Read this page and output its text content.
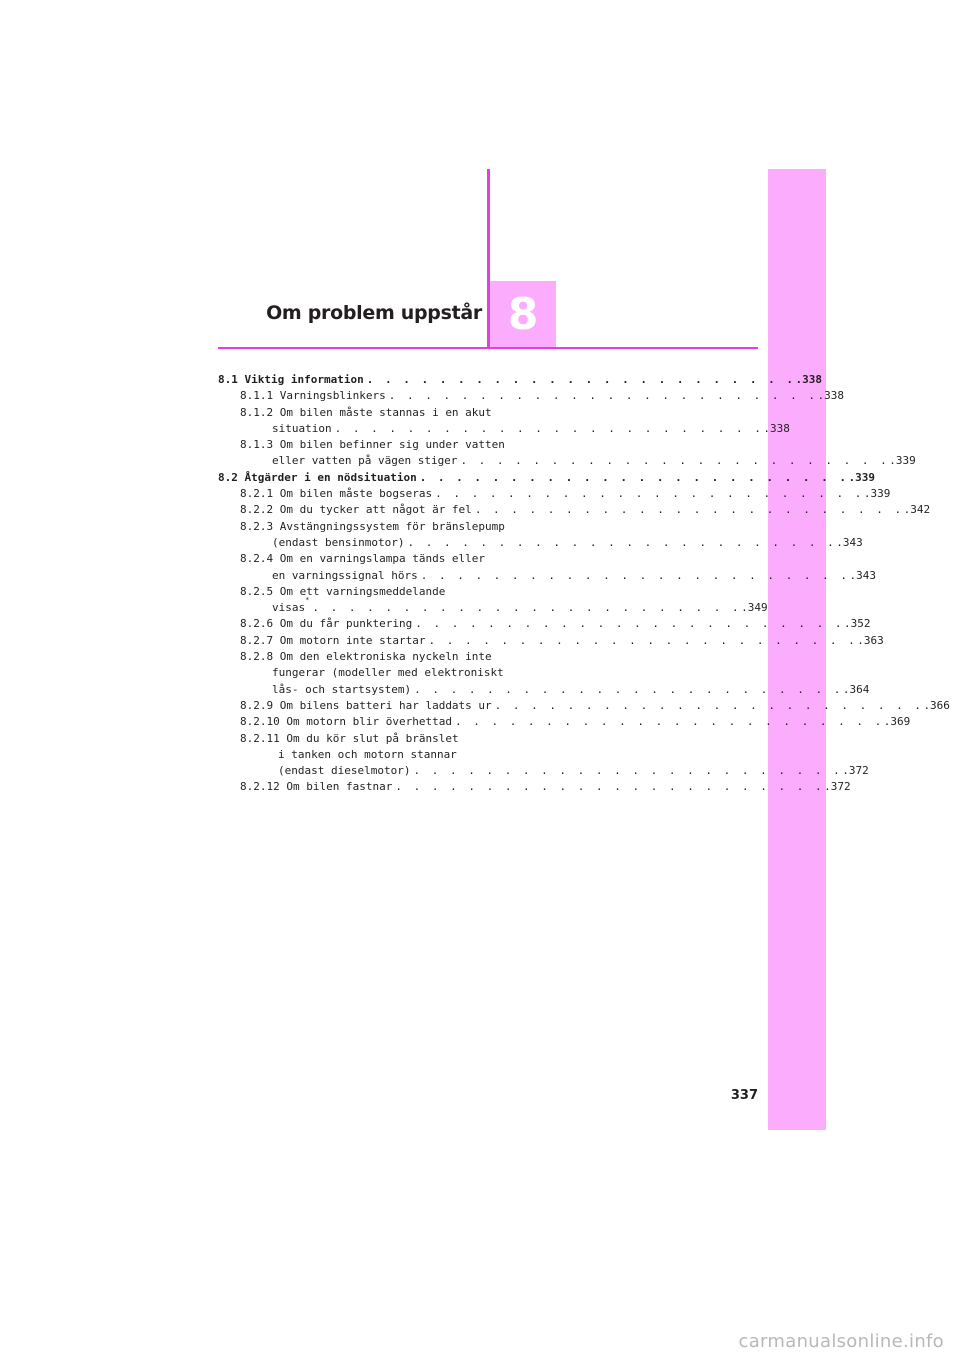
8
Om problem uppstår
8.1
Viktig information . . . . . . . . . . . . . . . . . . . . . . . . .338
8.1.1
Varningsblinkers . . . . . . . . . . . . . . . . . . . . . . . . .338
8.1.2
Om bilen måste stannas i en akut
situation . . . . . . . . . . . . . . . . . . . . . . . . .338
8.1.3
Om bilen befinner sig under vatten
eller vatten på vägen stiger . . . . . . . . . . . . . . . . . . . . . . . . .339
8.2
Åtgärder i en nödsituation . . . . . . . . . . . . . . . . . . . . . . . . .339
8.2.1
Om bilen måste bogseras . . . . . . . . . . . . . . . . . . . . . . . . .339
8.2.2
Om du tycker att något är fel . . . . . . . . . . . . . . . . . . . . . . . . .342
8.2.3
Avstängningssystem för bränslepump
(endast bensinmotor) . . . . . . . . . . . . . . . . . . . . . . . . .343
8.2.4
Om en varningslampa tänds eller
en varningssignal hörs . . . . . . . . . . . . . . . . . . . . . . . . .343
8.2.5
Om ett varningsmeddelande
visas
*
. . . . . . . . . . . . . . . . . . . . . . . . .349
8.2.6
Om du får punktering . . . . . . . . . . . . . . . . . . . . . . . . .352
8.2.7
Om motorn inte startar . . . . . . . . . . . . . . . . . . . . . . . . .363
8.2.8
Om den elektroniska nyckeln inte
fungerar (modeller med elektroniskt
lås- och startsystem) . . . . . . . . . . . . . . . . . . . . . . . . .364
8.2.9
Om bilens batteri har laddats ur . . . . . . . . . . . . . . . . . . . . . . . . .366
8.2.10
Om motorn blir överhettad . . . . . . . . . . . . . . . . . . . . . . . . .369
8.2.11
Om du kör slut på bränslet
i tanken och motorn stannar
(endast dieselmotor) . . . . . . . . . . . . . . . . . . . . . . . . .372
8.2.12
Om bilen fastnar . . . . . . . . . . . . . . . . . . . . . . . . .372
337
carmanualsonline.info
